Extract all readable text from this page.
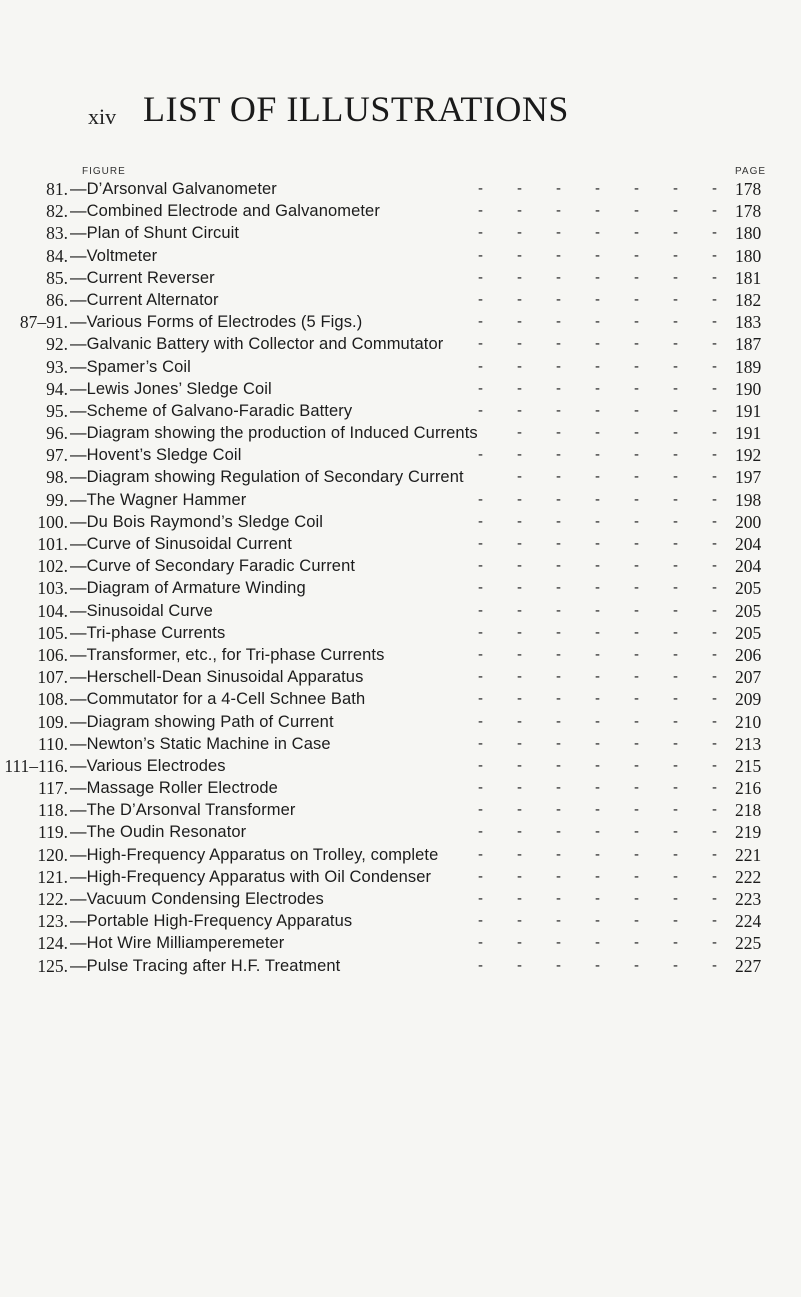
xiv LIST OF ILLUSTRATIONS
FIGURE	PAGE
81. —D’Arsonval Galvanometer	178
- - - - - - -
82. —Combined Electrode and Galvanometer	178
- - - - - - -
83. —Plan of Shunt Circuit	180
- - - - - - -
84. —Voltmeter	180
- - - - - - -
85. —Current Reverser	181
- - - - - - -
86. —Current Alternator	182
- - - - - - -
87–91. —Various Forms of Electrodes (5 Figs.)	183
- - - - - - -
92. —Galvanic Battery with Collector and Commutator	187
- - - - - - -
93. —Spamer’s Coil	189
- - - - - - -
94. —Lewis Jones’ Sledge Coil	190
- - - - - - -
95. —Scheme of Galvano-Faradic Battery	191
- - - - - - -
96. —Diagram showing the production of Induced Currents	191
- - - - - -
97. —Hovent’s Sledge Coil	192
- - - - - - -
98. —Diagram showing Regulation of Secondary Current	197
- - - - - -
99. —The Wagner Hammer	198
- - - - - - -
100. —Du Bois Raymond’s Sledge Coil	200
- - - - - - -
101. —Curve of Sinusoidal Current	204
- - - - - - -
102. —Curve of Secondary Faradic Current	204
- - - - - - -
103. —Diagram of Armature Winding	205
- - - - - - -
104. —Sinusoidal Curve	205
- - - - - - -
105. —Tri-phase Currents	205
- - - - - - -
106. —Transformer, etc., for Tri-phase Currents	206
- - - - - - -
107. —Herschell-Dean Sinusoidal Apparatus	207
- - - - - - -
108. —Commutator for a 4-Cell Schnee Bath	209
- - - - - - -
109. —Diagram showing Path of Current	210
- - - - - - -
110. —Newton’s Static Machine in Case	213
- - - - - - -
111–116. —Various Electrodes	215
- - - - - - -
117. —Massage Roller Electrode	216
- - - - - - -
118. —The D’Arsonval Transformer	218
- - - - - - -
119. —The Oudin Resonator	219
- - - - - - -
120. —High-Frequency Apparatus on Trolley, complete	221
- - - - - - -
121. —High-Frequency Apparatus with Oil Condenser	222
- - - - - - -
122. —Vacuum Condensing Electrodes	223
- - - - - - -
123. —Portable High-Frequency Apparatus	224
- - - - - - -
124. —Hot Wire Milliamperemeter	225
- - - - - - -
125. —Pulse Tracing after H.F. Treatment	227
- - - - - - -
